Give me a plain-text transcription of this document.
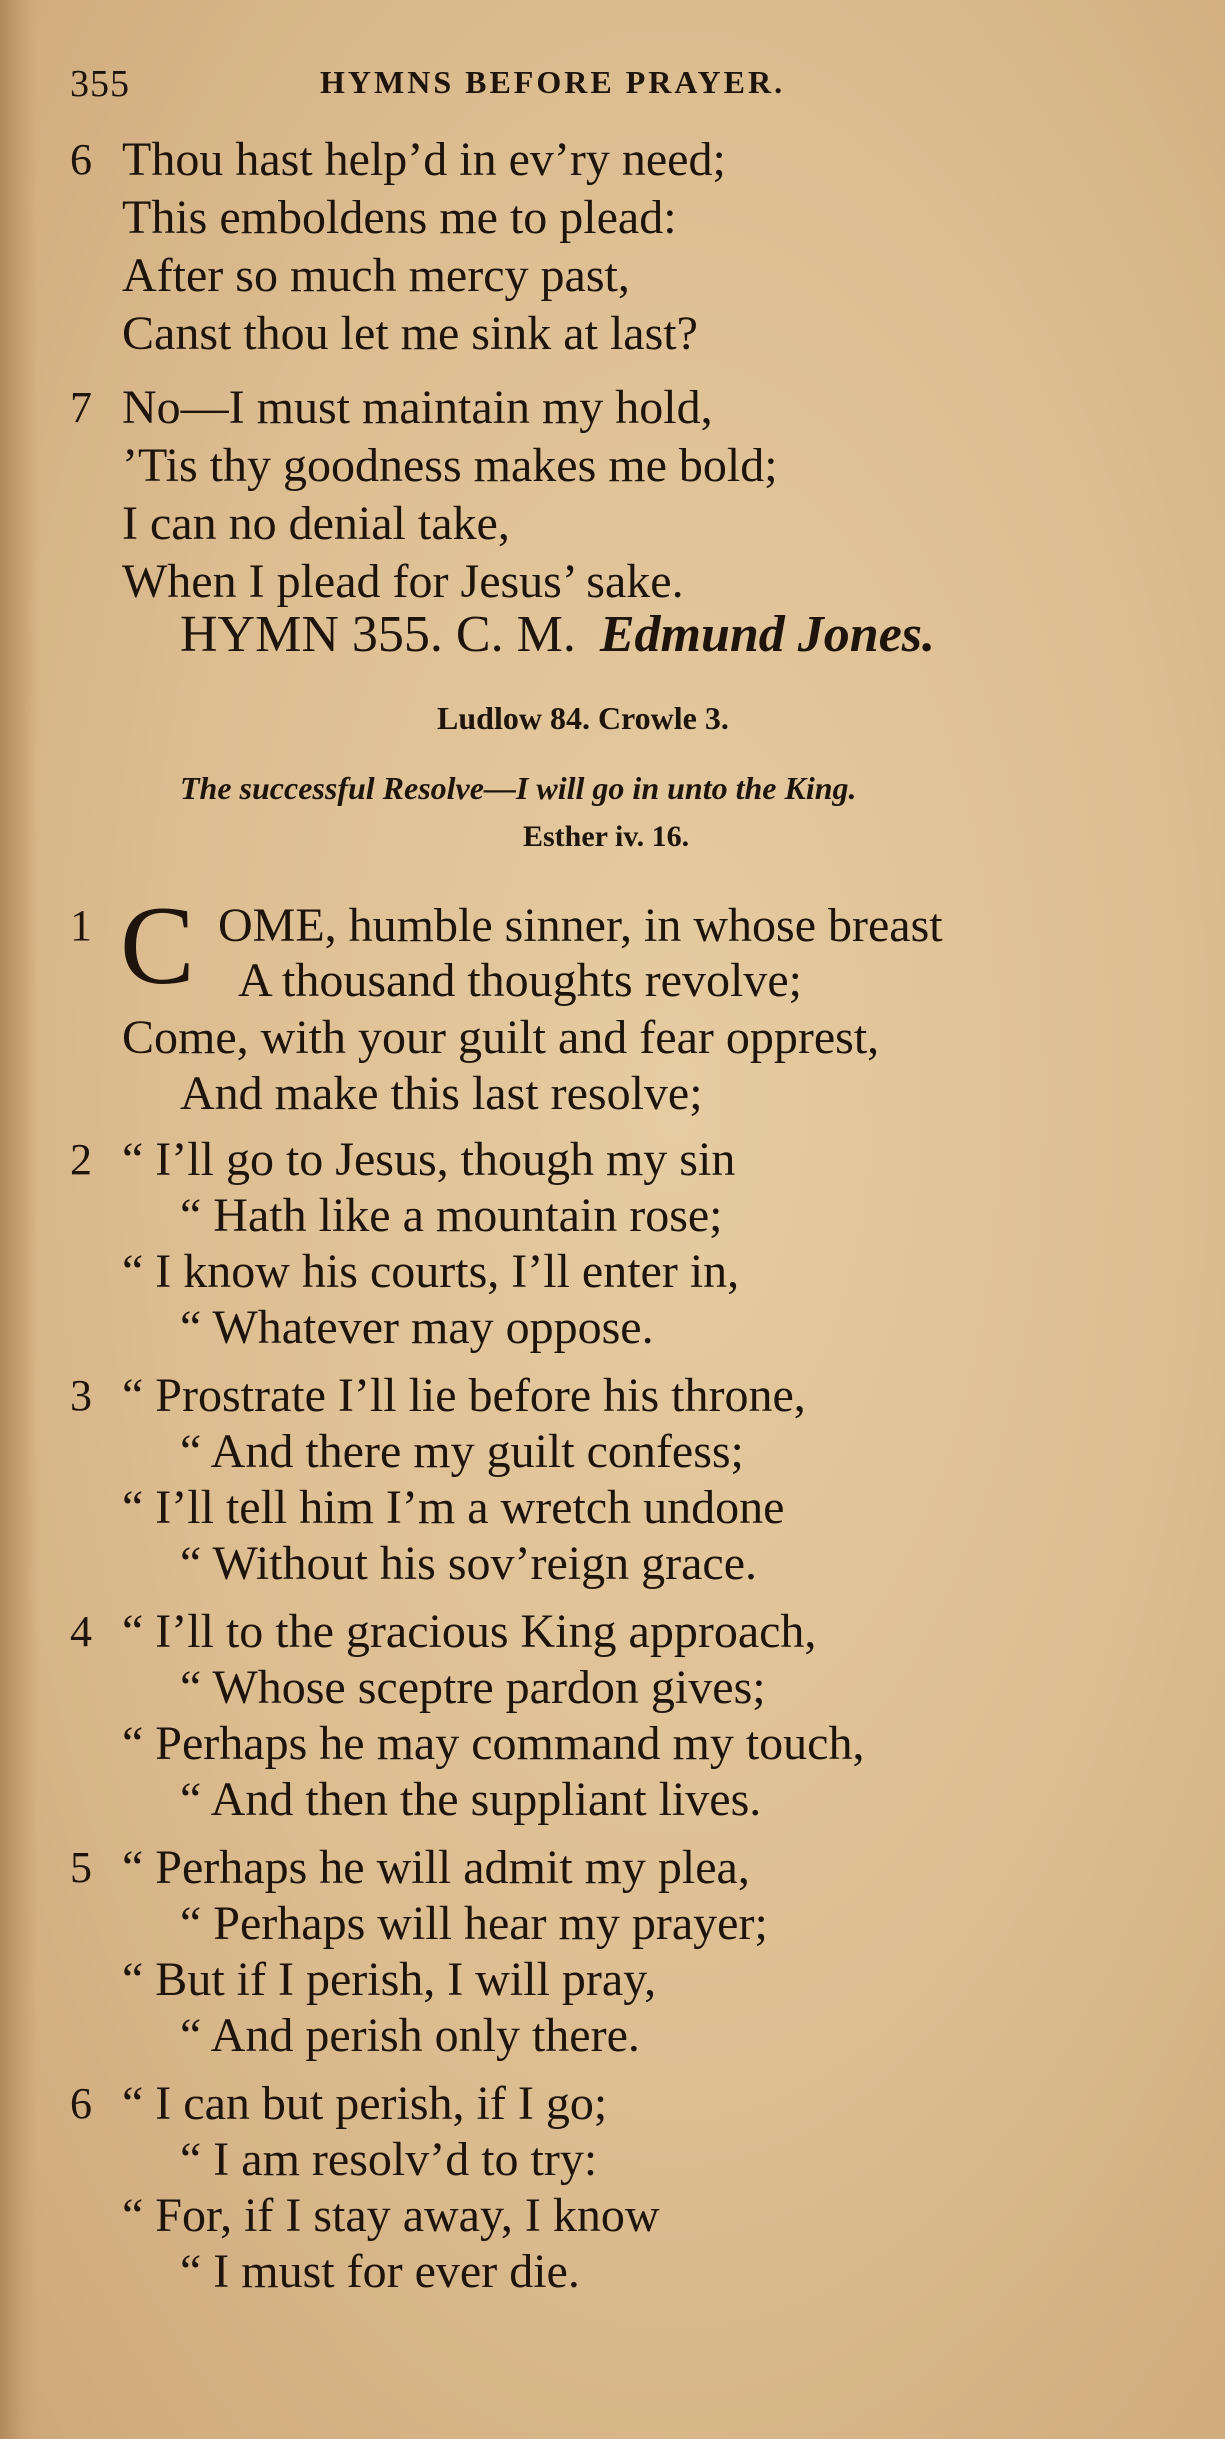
355	HYMNS BEFORE PRAYER.
6 Thou hast help’d in ev’ry need;
This emboldens me to plead:
After so much mercy past,
Canst thou let me sink at last?
7 No—I must maintain my hold,
’Tis thy goodness makes me bold;
I can no denial take,
When I plead for Jesus’ sake.
HYMN 355. C. M. Edmund Jones.
Ludlow 84. Crowle 3.
The successful Resolve—I will go in unto the King.
Esther iv. 16.
1 C OME, humble sinner, in whose breast
A thousand thoughts revolve;
Come, with your guilt and fear opprest,
And make this last resolve;
2 “ I’ll go to Jesus, though my sin
“ Hath like a mountain rose;
“ I know his courts, I’ll enter in,
“ Whatever may oppose.
3 “ Prostrate I’ll lie before his throne,
“ And there my guilt confess;
“ I’ll tell him I’m a wretch undone
“ Without his sov’reign grace.
4 “ I’ll to the gracious King approach,
“ Whose sceptre pardon gives;
“ Perhaps he may command my touch,
“ And then the suppliant lives.
5 “ Perhaps he will admit my plea,
“ Perhaps will hear my prayer;
“ But if I perish, I will pray,
“ And perish only there.
6 “ I can but perish, if I go;
“ I am resolv’d to try:
“ For, if I stay away, I know
“ I must for ever die.
